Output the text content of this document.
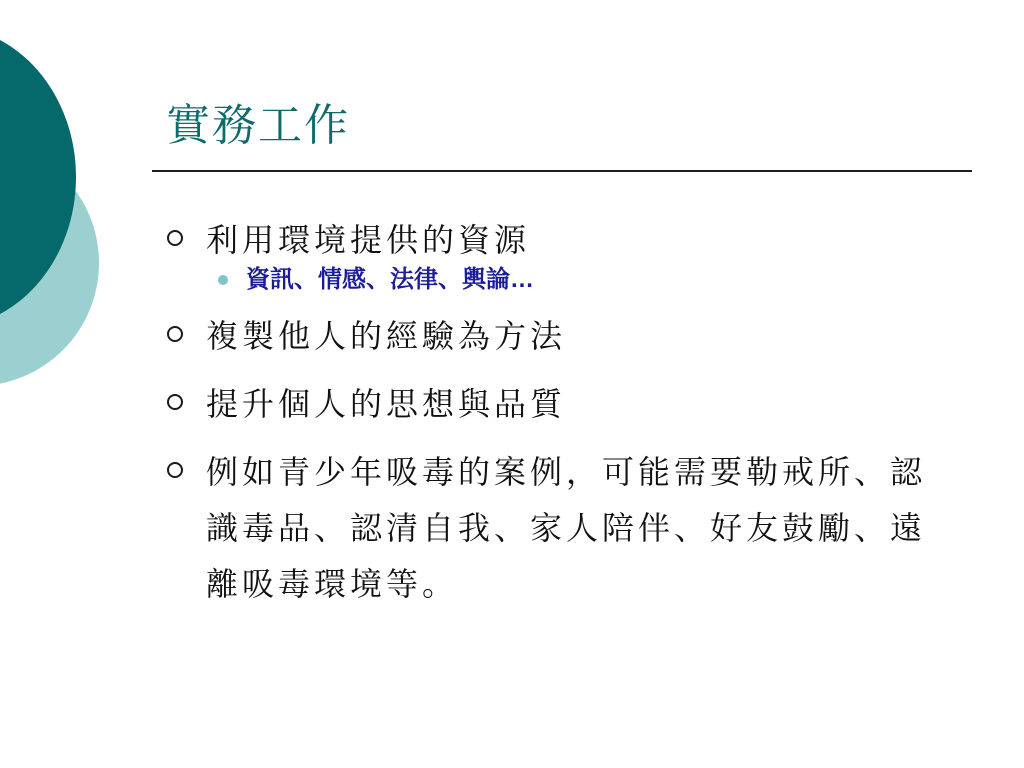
實務工作
利用環境提供的資源
資訊、情感、法律、輿論…
複製他人的經驗為方法
提升個人的思想與品質
例如青少年吸毒的案例，可能需要勒戒所、認識毒品、認清自我、家人陪伴、好友鼓勵、遠離吸毒環境等。
